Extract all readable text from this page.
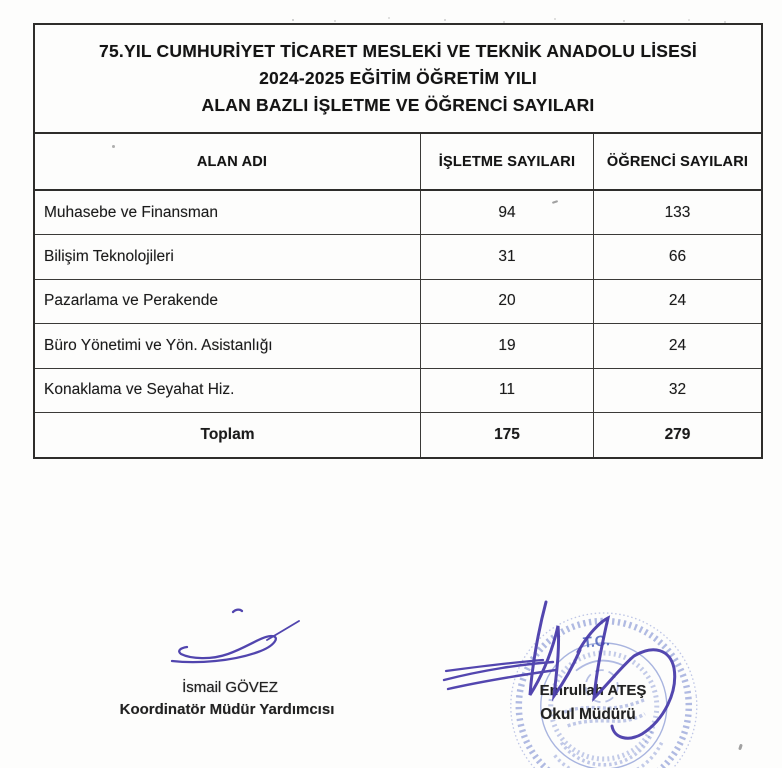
75.YIL CUMHURİYET TİCARET MESLEKİ VE TEKNİK ANADOLU LİSESİ
2024-2025 EĞİTİM ÖĞRETİM YILI
ALAN BAZLI İŞLETME VE ÖĞRENCİ SAYILARI
ALAN ADI	İŞLETME SAYILARI	ÖĞRENCİ SAYILARI
Muhasebe ve Finansman	94	133
Bilişim Teknolojileri	31	66
Pazarlama ve Perakende	20	24
Büro Yönetimi ve Yön. Asistanlığı	19	24
Konaklama ve Seyahat Hiz.	11	32
Toplam	175	279
İsmail GÖVEZ
Koordinatör Müdür Yardımcısı
T.C.
Emrullah ATEŞ
Okul Müdürü
